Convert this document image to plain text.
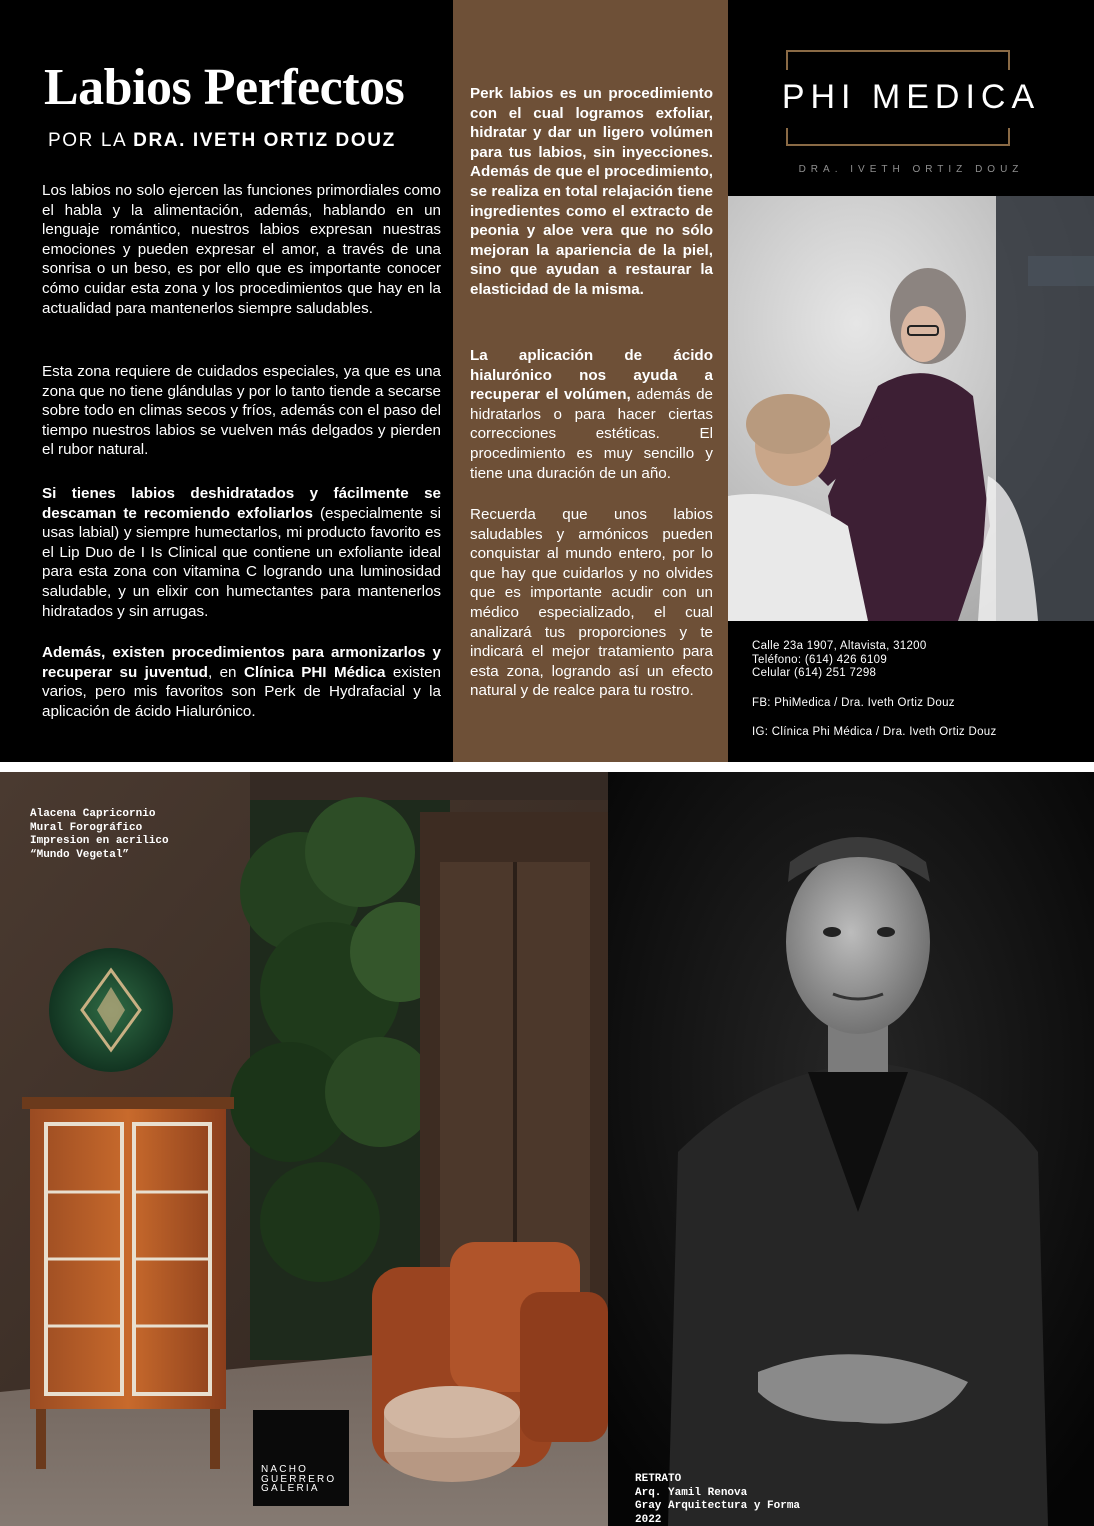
Labios Perfectos
POR LA DRA. IVETH ORTIZ DOUZ

Los labios no solo ejercen las funciones primordiales como el habla y la alimentación, además, hablando en un lenguaje romántico, nuestros labios expresan nuestras emociones y pueden expresar el amor, a través de una sonrisa o un beso, es por ello que es importante conocer cómo cuidar esta zona y los procedimientos que hay en la actualidad para mantenerlos siempre saludables.

Esta zona requiere de cuidados especiales, ya que es una zona que no tiene glándulas y por lo tanto tiende a secarse sobre todo en climas secos y fríos, además con el paso del tiempo nuestros labios se vuelven más delgados y pierden el rubor natural.

Si tienes labios deshidratados y fácilmente se descaman te recomiendo exfoliarlos (especialmente si usas labial) y siempre humectarlos, mi producto favorito es el Lip Duo de I Is Clinical que contiene un exfoliante ideal para esta zona con vitamina C logrando una luminosidad saludable, y un elixir con humectantes para mantenerlos hidratados y sin arrugas.

Además, existen procedimientos para armonizarlos y recuperar su juventud, en Clínica PHI Médica existen varios, pero mis favoritos son Perk de Hydrafacial y la aplicación de ácido Hialurónico.

Perk labios es un procedimiento con el cual logramos exfoliar, hidratar y dar un ligero volúmen para tus labios, sin inyecciones. Además de que el procedimiento, se realiza en total relajación tiene ingredientes como el extracto de peonia y aloe vera que no sólo mejoran la apariencia de la piel, sino que ayudan a restaurar la elasticidad de la misma.

La aplicación de ácido hialurónico nos ayuda a recuperar el volúmen, además de hidratarlos o para hacer ciertas correcciones estéticas. El procedimiento es muy sencillo y tiene una duración de un año.

Recuerda que unos labios saludables y armónicos pueden conquistar al mundo entero, por lo que hay que cuidarlos y no olvides que es importante acudir con un médico especializado, el cual analizará tus proporciones y te indicará el mejor tratamiento para esta zona, logrando así un efecto natural y de realce para tu rostro.

PHI MEDICA
DRA. IVETH ORTIZ DOUZ
Calle 23a 1907, Altavista, 31200
Teléfono: (614) 426 6109
Celular (614) 251 7298
FB: PhiMedica / Dra. Iveth Ortiz Douz
IG: Clínica Phi Médica / Dra. Iveth Ortiz Douz
Alacena Capricornio
Mural Forográfico
Impresion en acrilico
“Mundo Vegetal”
NACHO
GUERRERO
GALERIA
RETRATO
Arq. Yamil Renova
Gray Arquitectura y Forma
2022
